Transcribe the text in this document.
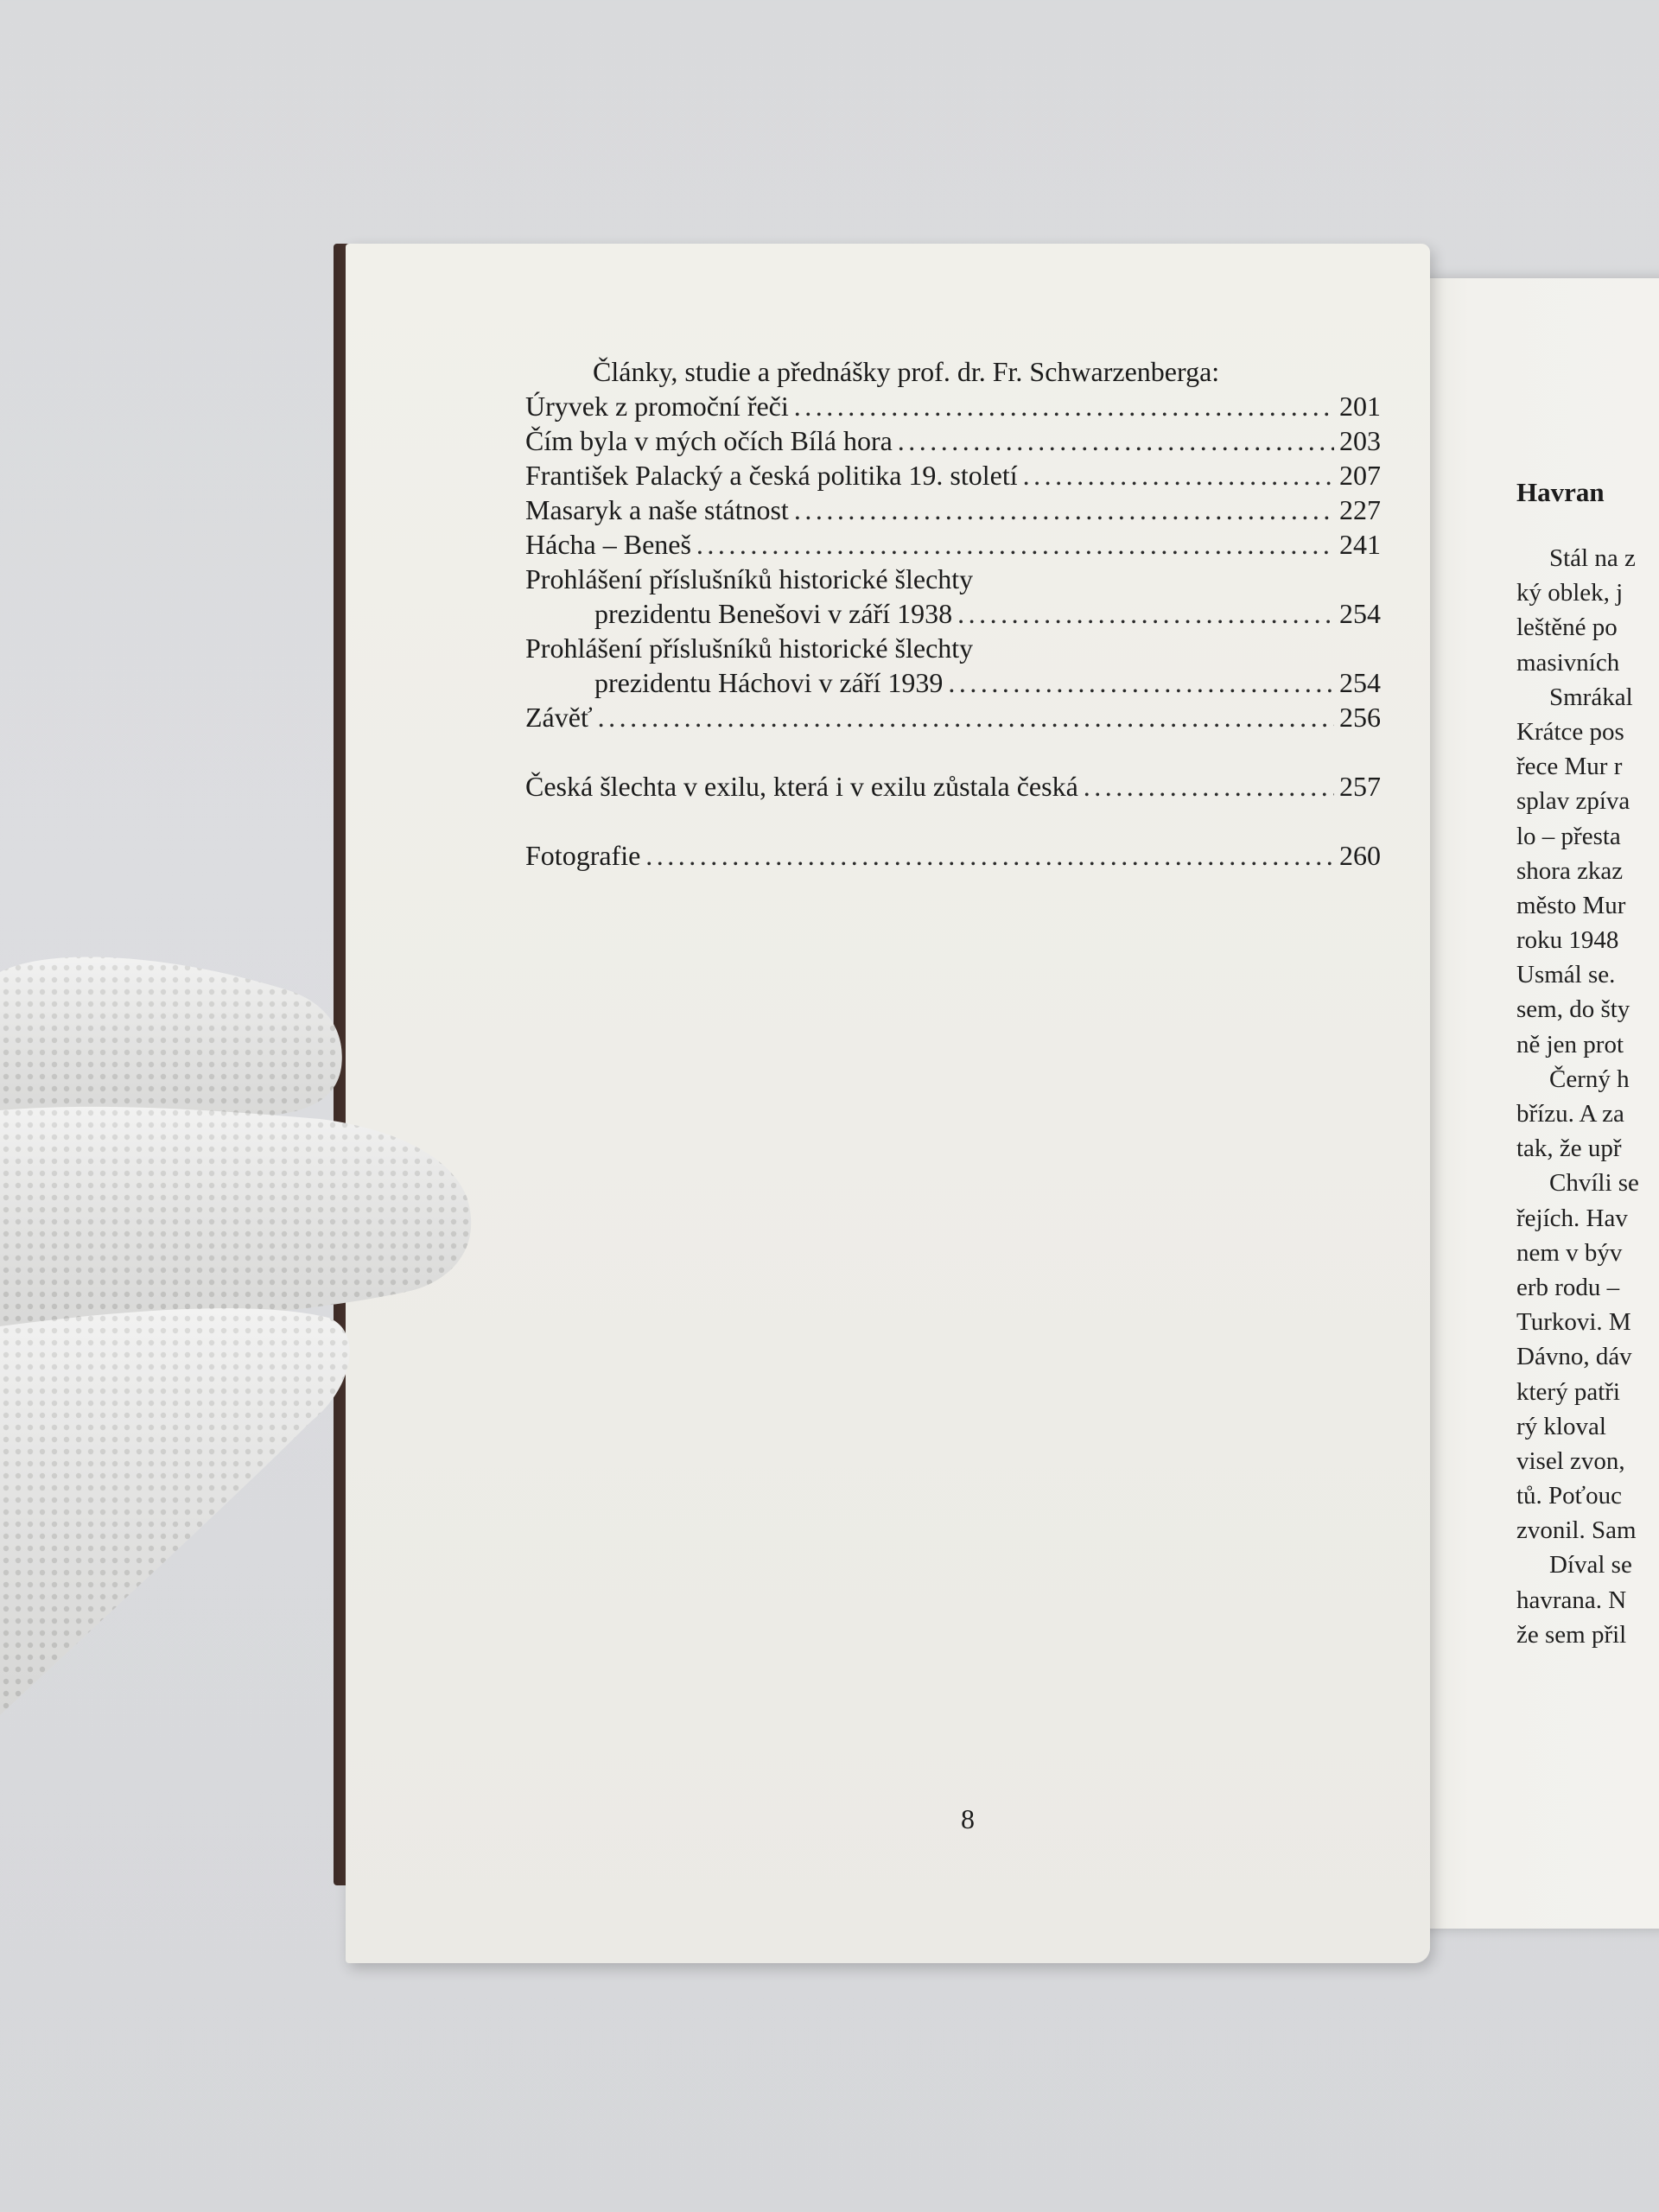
Havran
Stál na z
ký oblek, j
leštěné po
masivních
Smrákal
Krátce pos
řece Mur r
splav zpíva
lo – přesta
shora zkaz
město Mur
roku 1948
Usmál se.
sem, do šty
ně jen prot
Černý h
břízu. A za
tak, že upř
Chvíli se
řejích. Hav
nem v býv
erb rodu –
Turkovi. M
Dávno, dáv
který patři
rý kloval
visel zvon,
tů. Poťouc
zvonil. Sam
Díval se
havrana. N
že sem přil
Články, studie a přednášky prof. dr. Fr. Schwarzenberga:
Úryvek z promoční řeči .....	201
Čím byla v mých očích Bílá hora .....	203
František Palacký a česká politika 19. století .....	207
Masaryk a naše státnost .....	227
Hácha – Beneš .....	241
Prohlášení příslušníků historické šlechty
prezidentu Benešovi v září 1938 .....	254
Prohlášení příslušníků historické šlechty
prezidentu Háchovi v září 1939 .....	254
Závěť .....	256
Česká šlechta v exilu, která i v exilu zůstala česká .....	257
Fotografie .....	260
8
